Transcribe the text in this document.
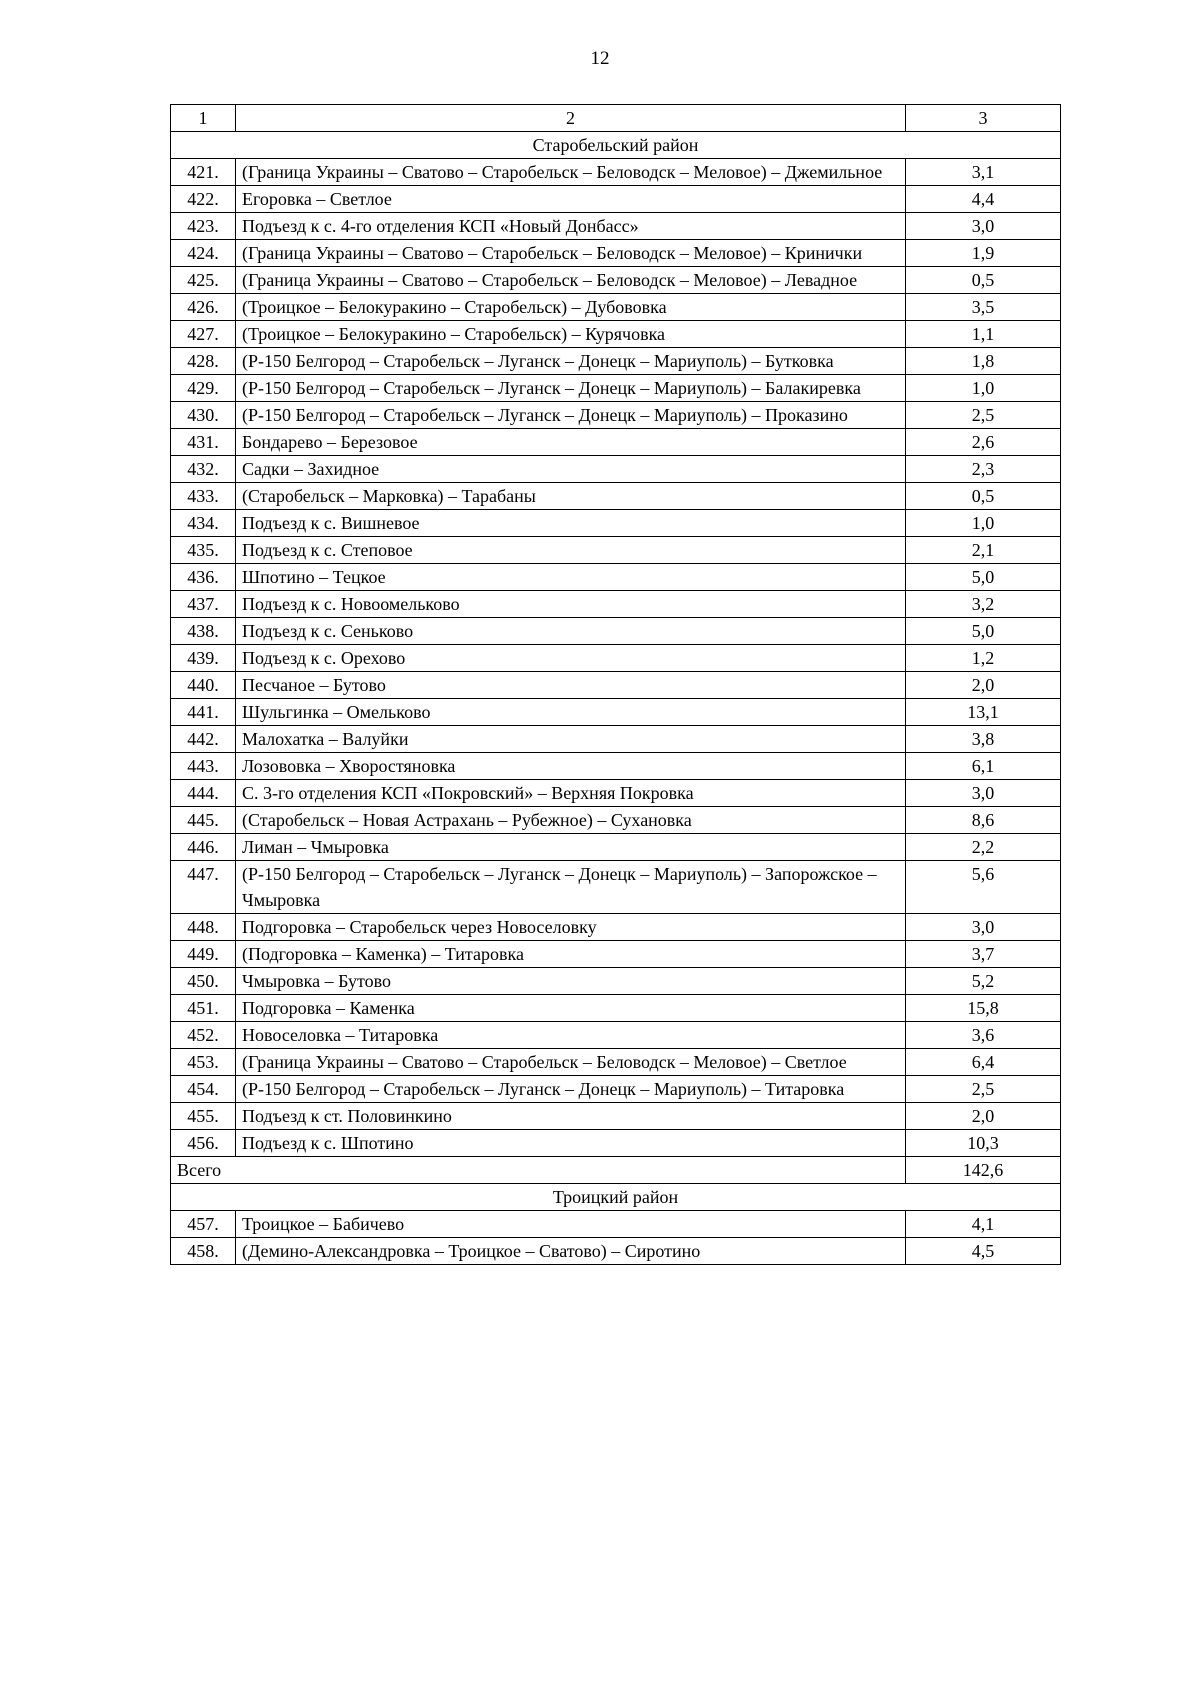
12
1	2	3
Старобельский район		
421.	(Граница Украины – Сватово – Старобельск – Беловодск – Меловое) – Джемильное	3,1
422.	Егоровка – Светлое	4,4
423.	Подъезд к с. 4-го отделения КСП «Новый Донбасс»	3,0
424.	(Граница Украины – Сватово – Старобельск – Беловодск – Меловое) – Кринички	1,9
425.	(Граница Украины – Сватово – Старобельск – Беловодск – Меловое) – Левадное	0,5
426.	(Троицкое – Белокуракино – Старобельск) – Дубововка	3,5
427.	(Троицкое – Белокуракино – Старобельск) – Курячовка	1,1
428.	(Р-150 Белгород – Старобельск – Луганск – Донецк – Мариуполь) – Бутковка	1,8
429.	(Р-150 Белгород – Старобельск – Луганск – Донецк – Мариуполь) – Балакиревка	1,0
430.	(Р-150 Белгород – Старобельск – Луганск – Донецк – Мариуполь) – Проказино	2,5
431.	Бондарево – Березовое	2,6
432.	Садки – Захидное	2,3
433.	(Старобельск – Марковка) – Тарабаны	0,5
434.	Подъезд к с. Вишневое	1,0
435.	Подъезд к с. Степовое	2,1
436.	Шпотино – Тецкое	5,0
437.	Подъезд к с. Новоомельково	3,2
438.	Подъезд к с. Сеньково	5,0
439.	Подъезд к с. Орехово	1,2
440.	Песчаное – Бутово	2,0
441.	Шульгинка – Омельково	13,1
442.	Малохатка – Валуйки	3,8
443.	Лозововка – Хворостяновка	6,1
444.	С. 3-го отделения КСП «Покровский» – Верхняя Покровка	3,0
445.	(Старобельск – Новая Астрахань – Рубежное) – Сухановка	8,6
446.	Лиман – Чмыровка	2,2
447.	(Р-150 Белгород – Старобельск – Луганск – Донецк – Мариуполь) – Запорожское – Чмыровка	5,6
448.	Подгоровка – Старобельск через Новоселовку	3,0
449.	(Подгоровка – Каменка) – Титаровка	3,7
450.	Чмыровка – Бутово	5,2
451.	Подгоровка – Каменка	15,8
452.	Новоселовка – Титаровка	3,6
453.	(Граница Украины – Сватово – Старобельск – Беловодск – Меловое) – Светлое	6,4
454.	(Р-150 Белгород – Старобельск – Луганск – Донецк – Мариуполь) – Титаровка	2,5
455.	Подъезд к ст. Половинкино	2,0
456.	Подъезд к с. Шпотино	10,3
Всего		142,6
Троицкий район		
457.	Троицкое – Бабичево	4,1
458.	(Демино-Александровка – Троицкое – Сватово) – Сиротино	4,5
